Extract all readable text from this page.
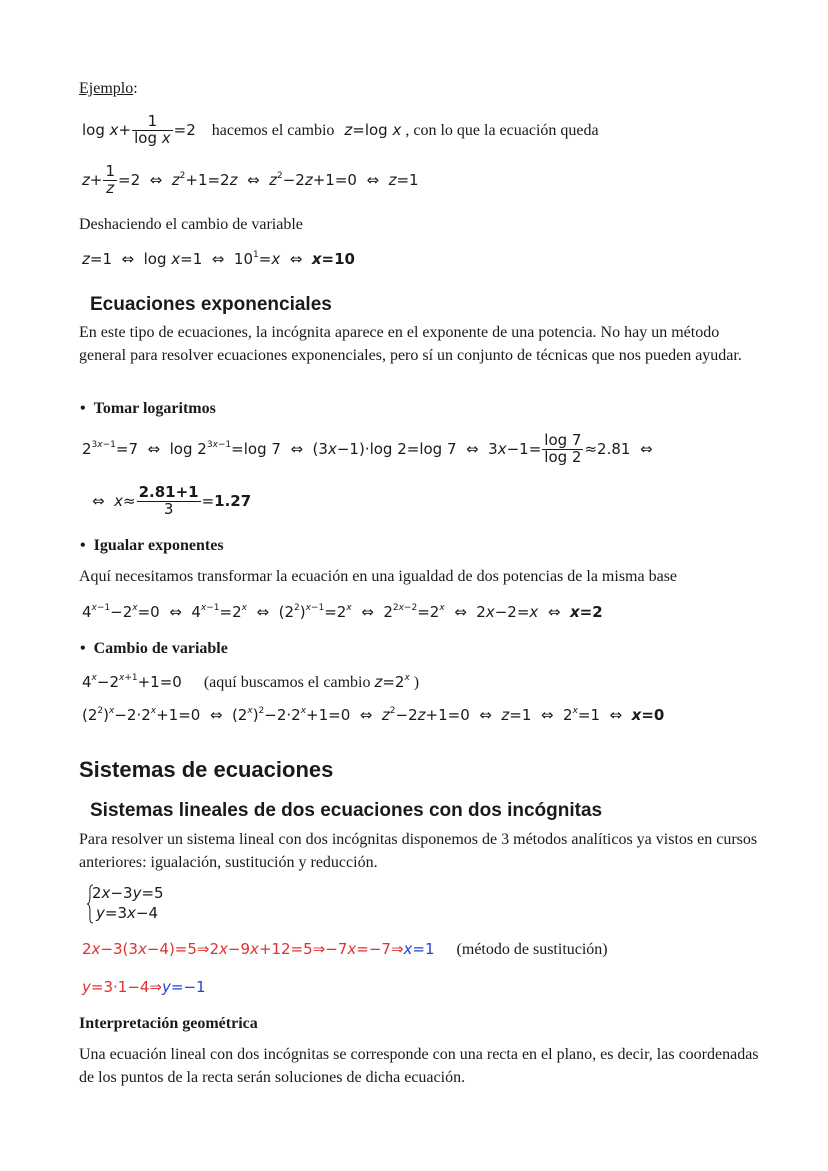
Ejemplo:
$\log x+ \frac{1}{\text{log x}} =2$ hacemos el cambio z=log x , con lo que la ecuación queda
$z+ \frac{1}{z} =2$  ⇔  $z^2+1=2z$  ⇔  $z^2-2z+1=0$  ⇔  z=1
Deshaciendo el cambio de variable
z=1  ⇔  log x=1  ⇔  $10^1=x$  ⇔  x=10
Ecuaciones exponenciales
En este tipo de ecuaciones, la incógnita aparece en el exponente de una potencia. No hay un método general para resolver ecuaciones exponenciales, pero sí un conjunto de técnicas que nos pueden ayudar.
• Tomar logaritmos
$2^{3x-1}=7$  ⇔  $\log 2^{3x-1}=\log$ 7  ⇔  (3x−1)·log 2=log 7  ⇔  $3x-1= \frac{\log 7}{\log 2} \approx 2.81$  ⇔
⇔  $x\approx \frac{2.81+1}{3} =1.27$
• Igualar exponentes
Aquí necesitamos transformar la ecuación en una igualdad de dos potencias de la misma base
$4^{x-1}-2^x=0$  ⇔  $4^{x-1}=2^x$  ⇔  $(2^2)^{x-1}=2^x$  ⇔  $2^{2x-2}=2^x$  ⇔  2x−2=x  ⇔  x=2
• Cambio de variable
$4^x-2^{x+1}+1=0$ (aquí buscamos el cambio $z=2^x$ )
$(2^2)^x-2\cdot 2^x+1=0$  ⇔  $(2^x)^2-2\cdot 2^x+1=0$  ⇔  $z^2-2z+1=0$  ⇔  z=1  ⇔  $2^x=1$  ⇔  x=0
Sistemas de ecuaciones
Sistemas lineales de dos ecuaciones con dos incógnitas
Para resolver un sistema lineal con dos incógnitas disponemos de 3 métodos analíticos ya vistos en cursos anteriores: igualación, sustitución y reducción.
2x−3y=5
y=3x−4
2x−3(3x−4)=5⇒2x−9x+12=5⇒−7x=−7⇒x=1 (método de sustitución)
y=3·1−4⇒y=−1
Interpretación geométrica
Una ecuación lineal con dos incógnitas se corresponde con una recta en el plano, es decir, las coordenadas de los puntos de la recta serán soluciones de dicha ecuación.
